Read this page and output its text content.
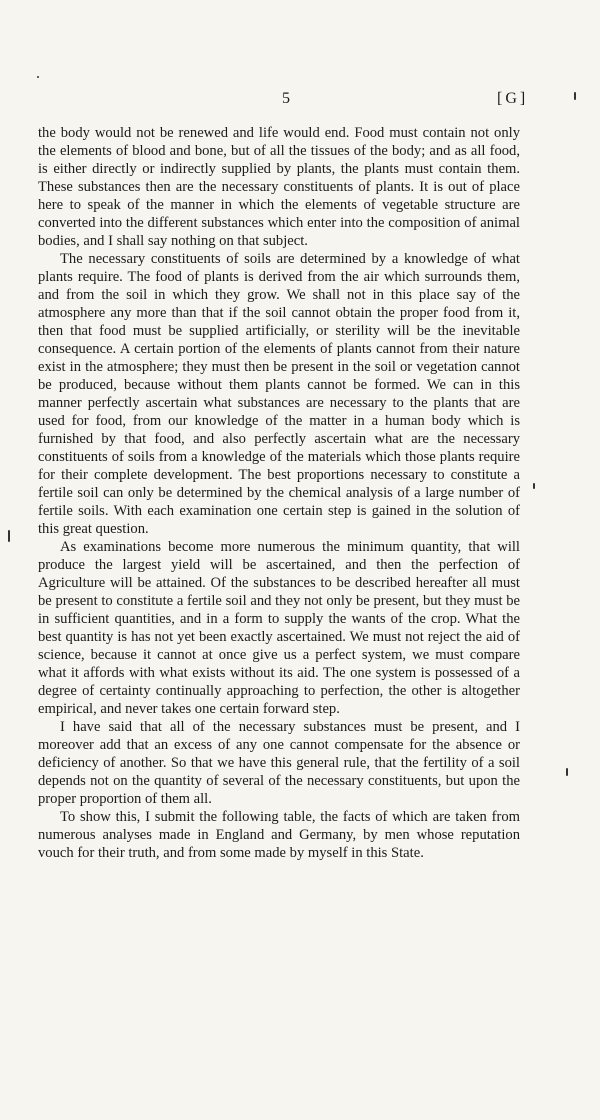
5	[G]

the body would not be renewed and life would end. Food must contain not only the elements of blood and bone, but of all the tissues of the body; and as all food, is either directly or indirectly supplied by plants, the plants must contain them. These substances then are the necessary constituents of plants. It is out of place here to speak of the manner in which the elements of vegetable structure are converted into the different substances which enter into the composition of animal bodies, and I shall say nothing on that subject.

The necessary constituents of soils are determined by a knowledge of what plants require. The food of plants is derived from the air which surrounds them, and from the soil in which they grow. We shall not in this place say of the atmosphere any more than that if the soil cannot obtain the proper food from it, then that food must be supplied artificially, or sterility will be the inevitable consequence. A certain portion of the elements of plants cannot from their nature exist in the atmosphere; they must then be present in the soil or vegetation cannot be produced, because without them plants cannot be formed. We can in this manner perfectly ascertain what substances are necessary to the plants that are used for food, from our knowledge of the matter in a human body which is furnished by that food, and also perfectly ascertain what are the necessary constituents of soils from a knowledge of the materials which those plants require for their complete development. The best proportions necessary to constitute a fertile soil can only be determined by the chemical analysis of a large number of fertile soils. With each examination one certain step is gained in the solution of this great question.

As examinations become more numerous the minimum quantity, that will produce the largest yield will be ascertained, and then the perfection of Agriculture will be attained. Of the substances to be described hereafter all must be present to constitute a fertile soil and they not only be present, but they must be in sufficient quantities, and in a form to supply the wants of the crop. What the best quantity is has not yet been exactly ascertained. We must not reject the aid of science, because it cannot at once give us a perfect system, we must compare what it affords with what exists without its aid. The one system is possessed of a degree of certainty continually approaching to perfection, the other is altogether empirical, and never takes one certain forward step.

I have said that all of the necessary substances must be present, and I moreover add that an excess of any one cannot compensate for the absence or deficiency of another. So that we have this general rule, that the fertility of a soil depends not on the quantity of several of the necessary constituents, but upon the proper proportion of them all.

To show this, I submit the following table, the facts of which are taken from numerous analyses made in England and Germany, by men whose reputation vouch for their truth, and from some made by myself in this State.
